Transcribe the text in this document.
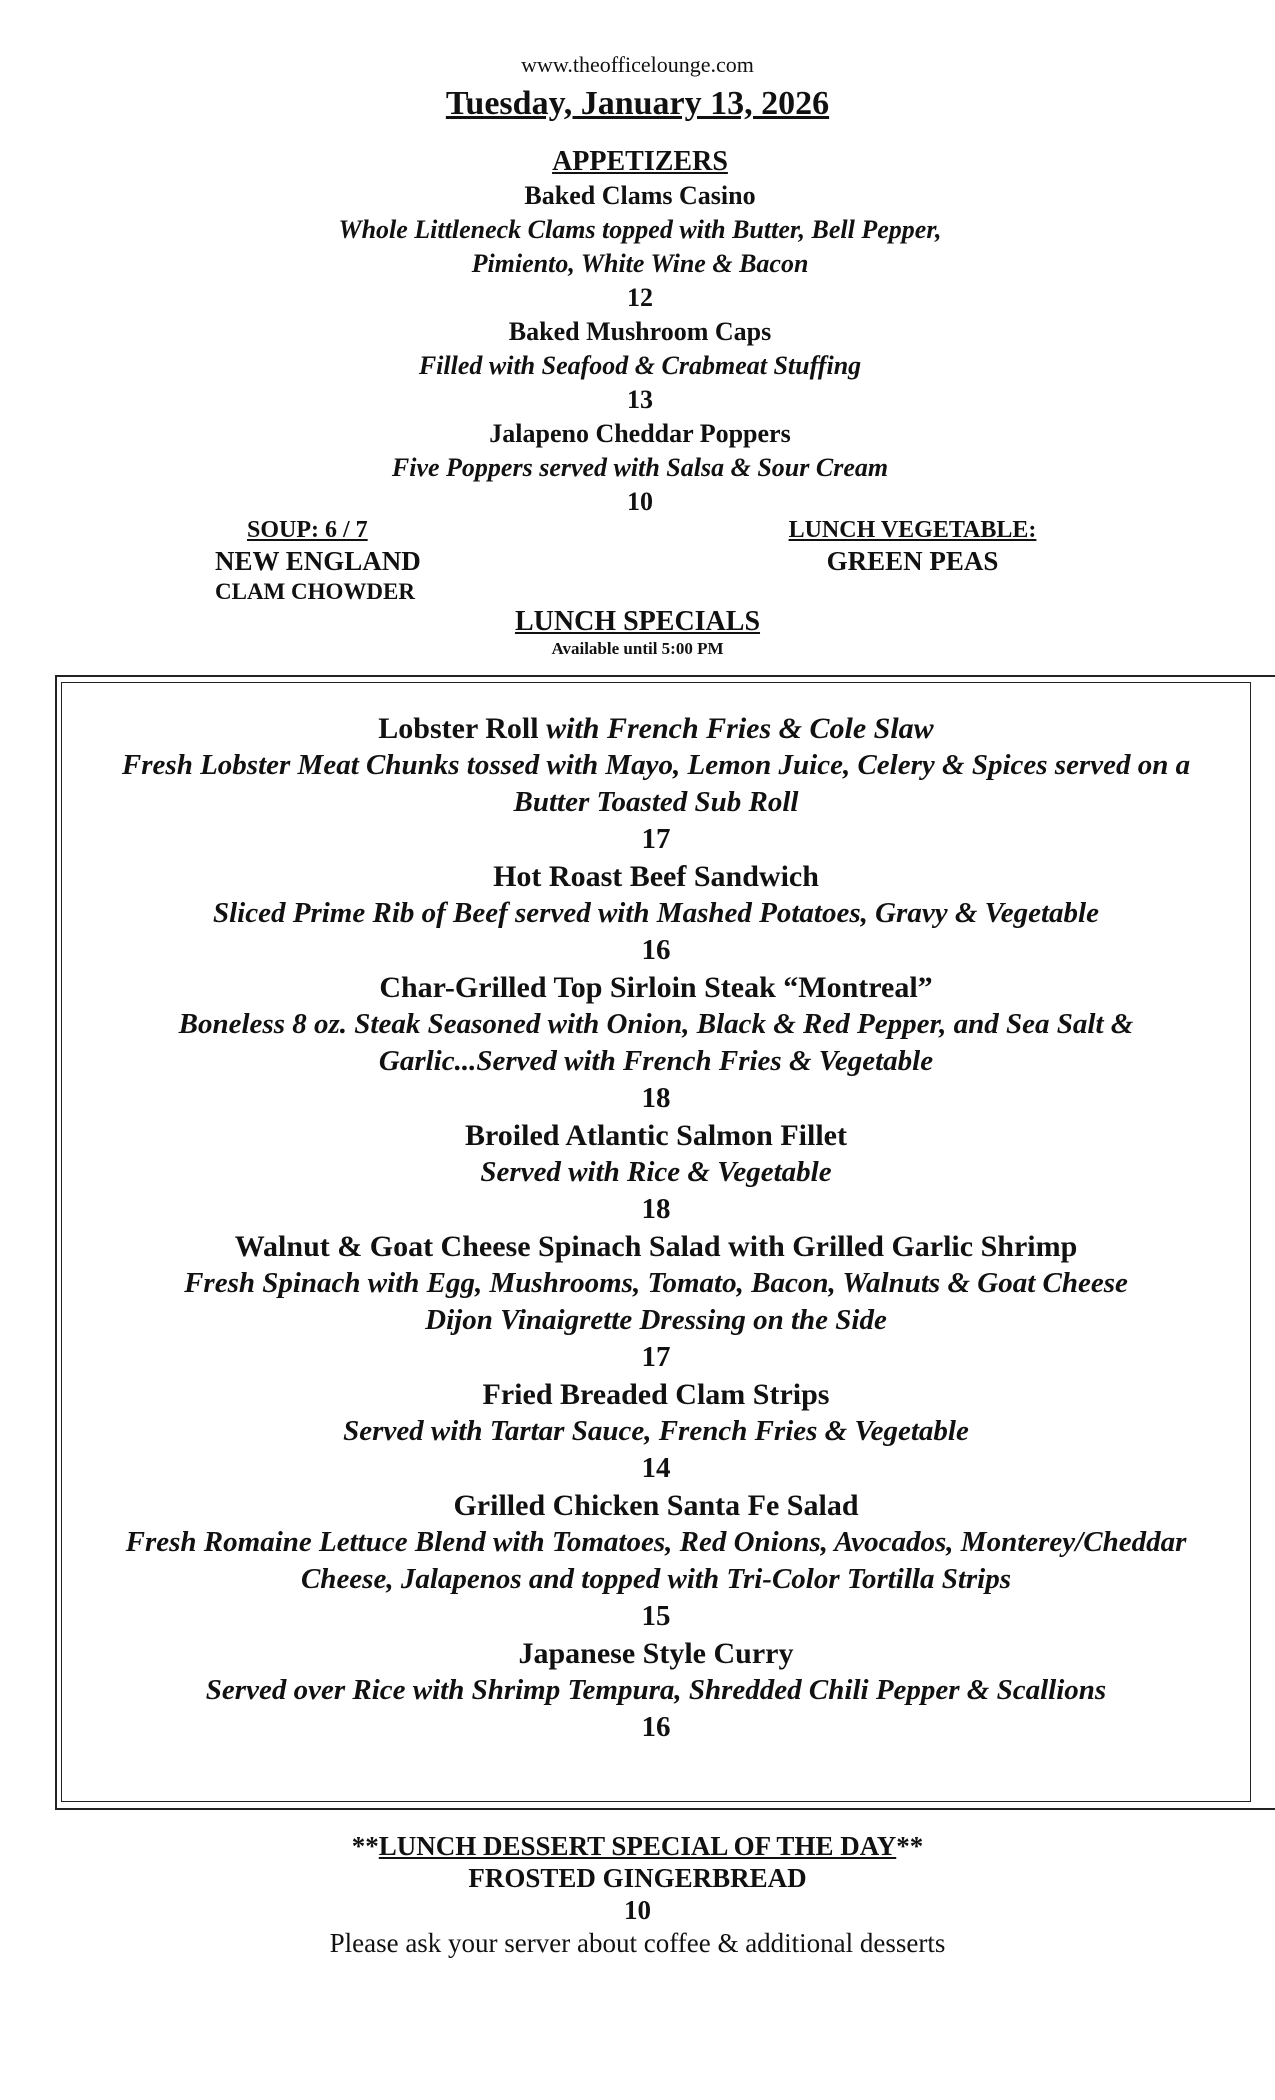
www.theofficelounge.com
Tuesday, January 13, 2026
APPETIZERS
Baked Clams Casino
Whole Littleneck Clams topped with Butter, Bell Pepper,
Pimiento, White Wine & Bacon
12
Baked Mushroom Caps
Filled with Seafood & Crabmeat Stuffing
13
Jalapeno Cheddar Poppers
Five Poppers served with Salsa & Sour Cream
10
SOUP: 6 / 7
NEW ENGLAND
CLAM CHOWDER
LUNCH VEGETABLE:
GREEN PEAS
LUNCH SPECIALS
Available until 5:00 PM
Lobster Roll with French Fries & Cole Slaw
Fresh Lobster Meat Chunks tossed with Mayo, Lemon Juice, Celery & Spices served on a
Butter Toasted Sub Roll
17
Hot Roast Beef Sandwich
Sliced Prime Rib of Beef served with Mashed Potatoes, Gravy & Vegetable
16
Char-Grilled Top Sirloin Steak “Montreal”
Boneless 8 oz. Steak Seasoned with Onion, Black & Red Pepper, and Sea Salt &
Garlic...Served with French Fries & Vegetable
18
Broiled Atlantic Salmon Fillet
Served with Rice & Vegetable
18
Walnut & Goat Cheese Spinach Salad with Grilled Garlic Shrimp
Fresh Spinach with Egg, Mushrooms, Tomato, Bacon, Walnuts & Goat Cheese
Dijon Vinaigrette Dressing on the Side
17
Fried Breaded Clam Strips
Served with Tartar Sauce, French Fries & Vegetable
14
Grilled Chicken Santa Fe Salad
Fresh Romaine Lettuce Blend with Tomatoes, Red Onions, Avocados, Monterey/Cheddar
Cheese, Jalapenos and topped with Tri-Color Tortilla Strips
15
Japanese Style Curry
Served over Rice with Shrimp Tempura, Shredded Chili Pepper & Scallions
16
**LUNCH DESSERT SPECIAL OF THE DAY**
FROSTED GINGERBREAD
10
Please ask your server about coffee & additional desserts
